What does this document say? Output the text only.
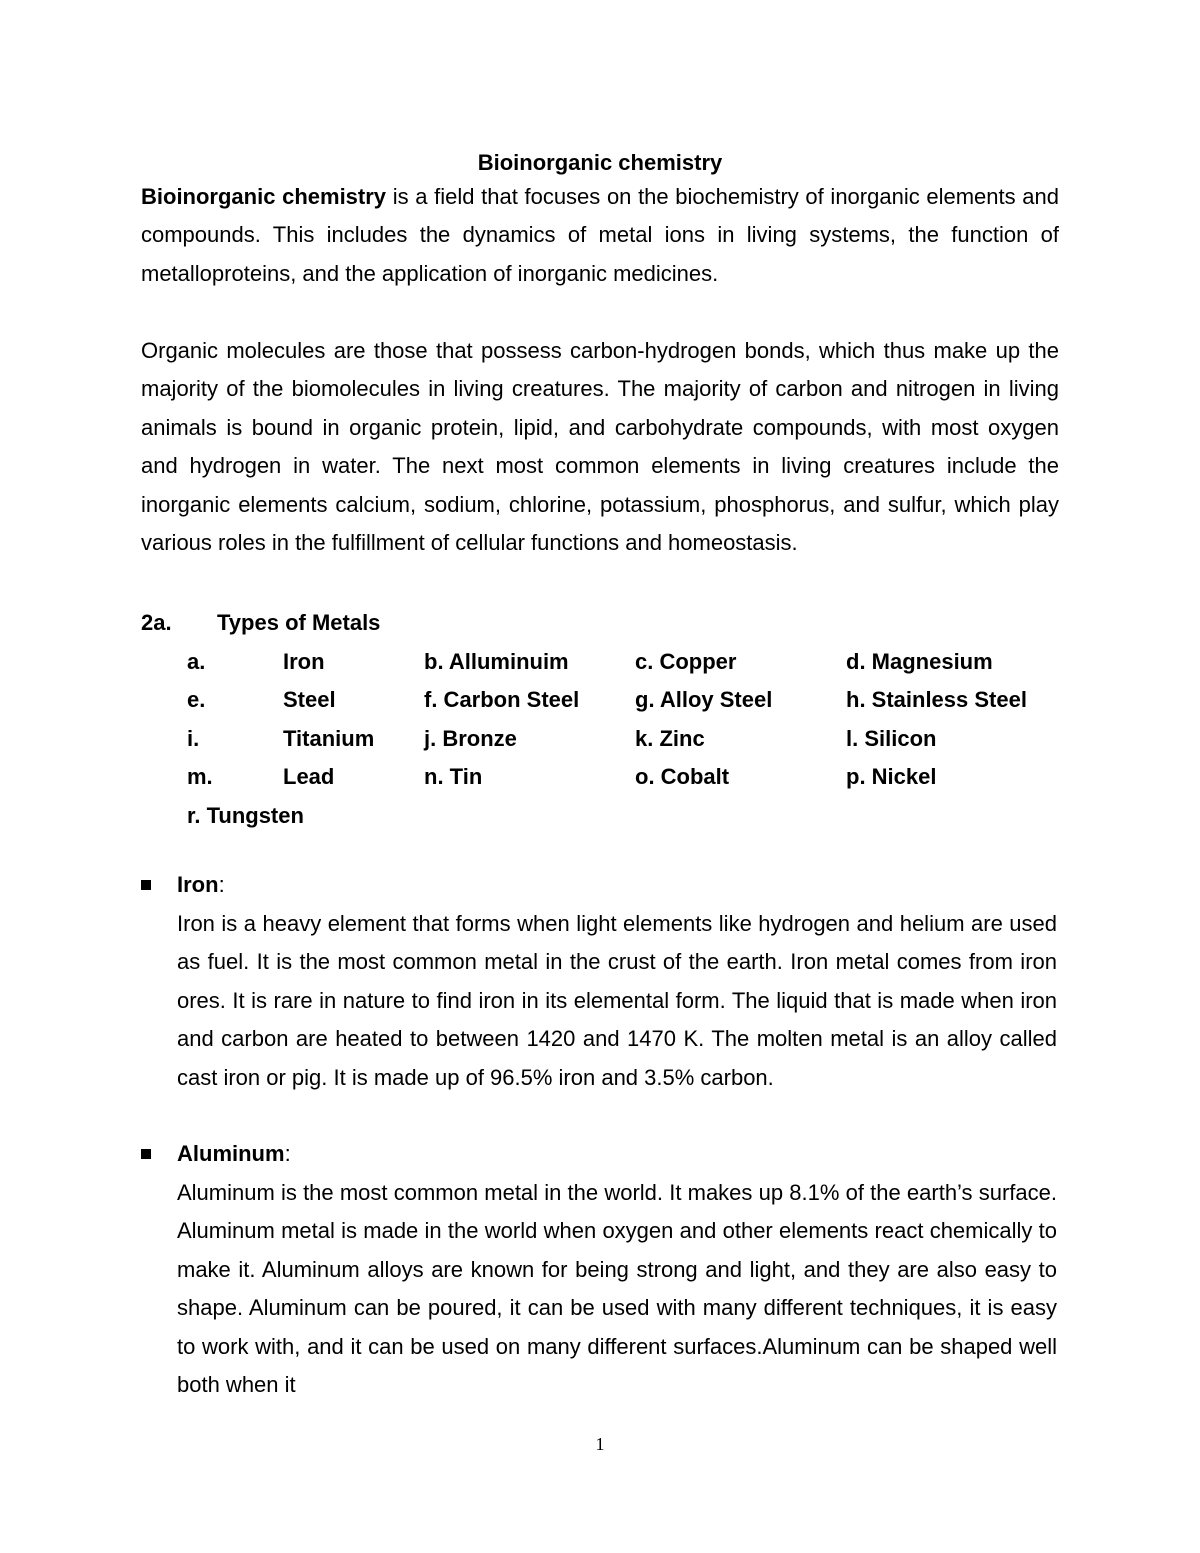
Bioinorganic chemistry

Bioinorganic chemistry is a field that focuses on the biochemistry of inorganic elements and compounds. This includes the dynamics of metal ions in living systems, the function of metalloproteins, and the application of inorganic medicines.

Organic molecules are those that possess carbon-hydrogen bonds, which thus make up the majority of the biomolecules in living creatures. The majority of carbon and nitrogen in living animals is bound in organic protein, lipid, and carbohydrate compounds, with most oxygen and hydrogen in water. The next most common elements in living creatures include the inorganic elements calcium, sodium, chlorine, potassium, phosphorus, and sulfur, which play various roles in the fulfillment of cellular functions and homeostasis.

2a. Types of Metals
a.	Iron	b. Alluminuim	c. Copper	d. Magnesium
e.	Steel	f. Carbon Steel	g. Alloy Steel	h. Stainless Steel
i.	Titanium j. Bronze	k. Zinc	l. Silicon
m.	Lead	n. Tin	o. Cobalt	p. Nickel
r. Tungsten
Iron:

Iron is a heavy element that forms when light elements like hydrogen and helium are used as fuel. It is the most common metal in the crust of the earth. Iron metal comes from iron ores. It is rare in nature to find iron in its elemental form. The liquid that is made when iron and carbon are heated to between 1420 and 1470 K. The molten metal is an alloy called cast iron or pig. It is made up of 96.5% iron and 3.5% carbon.

Aluminum:

Aluminum is the most common metal in the world. It makes up 8.1% of the earth’s surface. Aluminum metal is made in the world when oxygen and other elements react chemically to make it. Aluminum alloys are known for being strong and light, and they are also easy to shape. Aluminum can be poured, it can be used with many different techniques, it is easy to work with, and it can be used on many different surfaces.Aluminum can be shaped well both when it

1
